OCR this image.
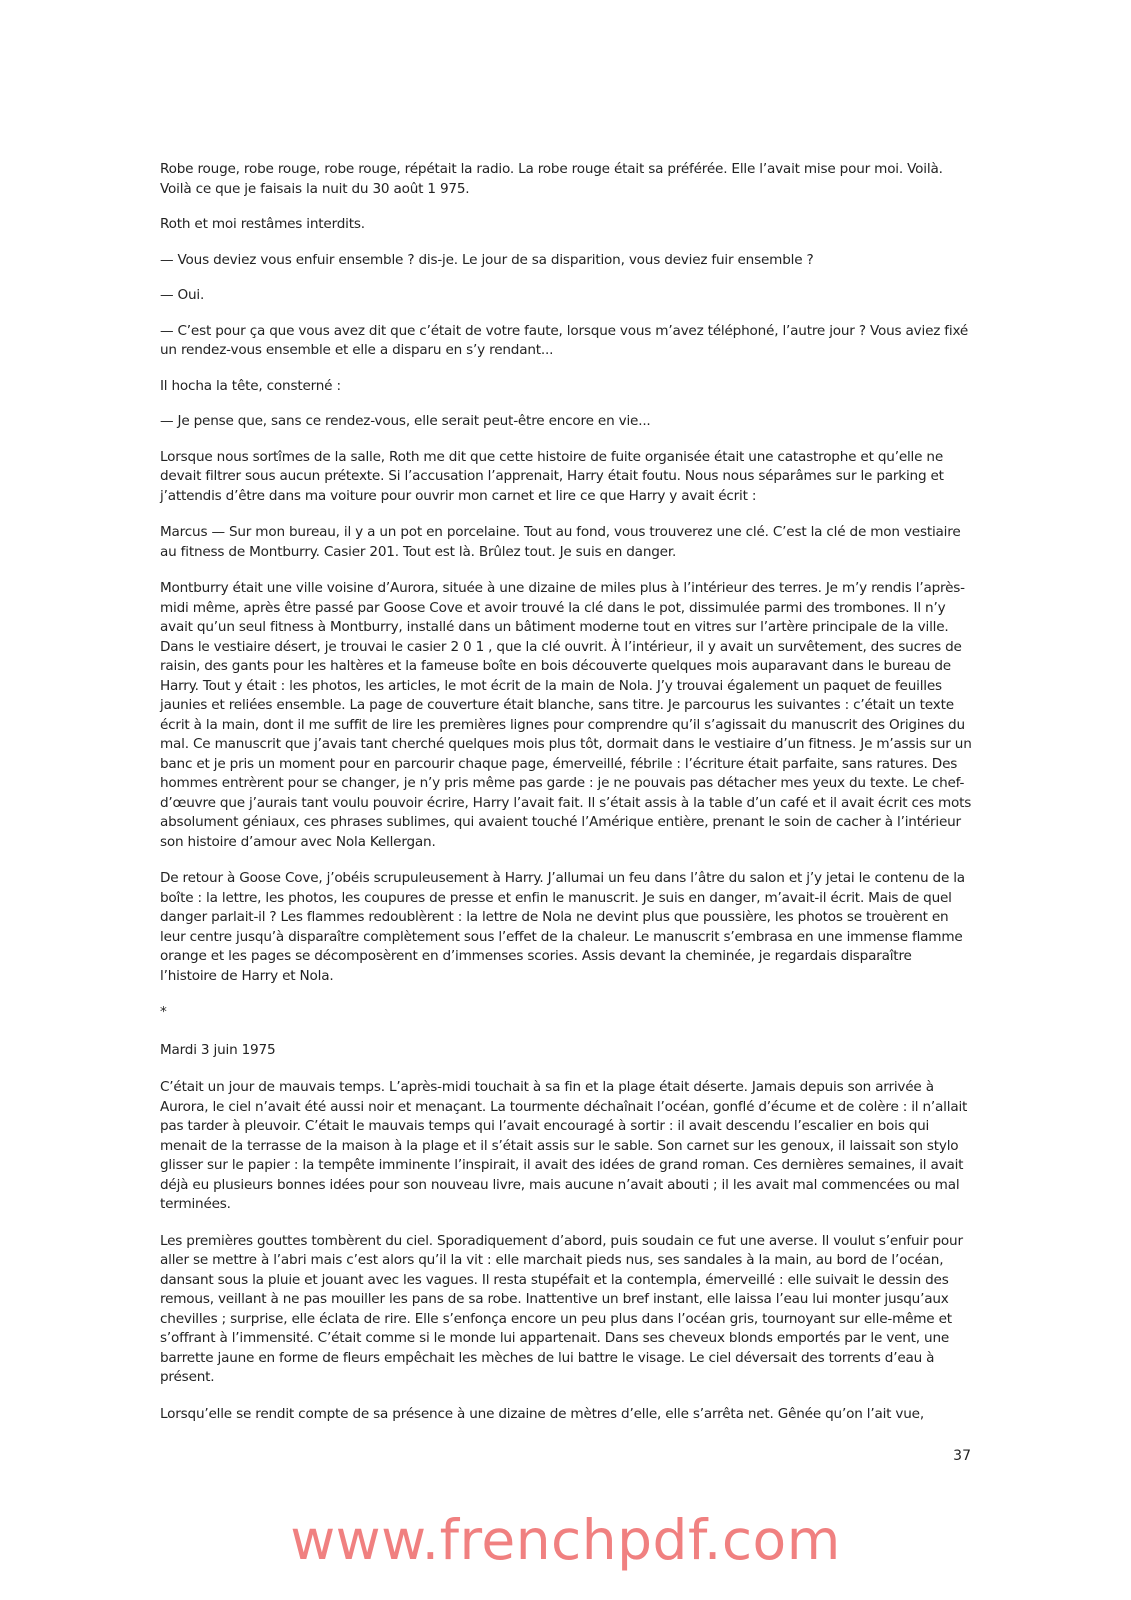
Robe rouge, robe rouge, robe rouge, répétait la radio. La robe rouge était sa préférée. Elle l’avait mise pour moi. Voilà. Voilà ce que je faisais la nuit du 30 août 1 975.

Roth et moi restâmes interdits.

— Vous deviez vous enfuir ensemble ? dis-je. Le jour de sa disparition, vous deviez fuir ensemble ?

— Oui.

— C’est pour ça que vous avez dit que c’était de votre faute, lorsque vous m’avez téléphoné, l’autre jour ? Vous aviez fixé un rendez-vous ensemble et elle a disparu en s’y rendant...

Il hocha la tête, consterné :

— Je pense que, sans ce rendez-vous, elle serait peut-être encore en vie...

Lorsque nous sortîmes de la salle, Roth me dit que cette histoire de fuite organisée était une catastrophe et qu’elle ne devait filtrer sous aucun prétexte. Si l’accusation l’apprenait, Harry était foutu. Nous nous séparâmes sur le parking et j’attendis d’être dans ma voiture pour ouvrir mon carnet et lire ce que Harry y avait écrit :

Marcus — Sur mon bureau, il y a un pot en porcelaine. Tout au fond, vous trouverez une clé. C’est la clé de mon vestiaire au fitness de Montburry. Casier 201. Tout est là. Brûlez tout. Je suis en danger.

Montburry était une ville voisine d’Aurora, située à une dizaine de miles plus à l’intérieur des terres. Je m’y rendis l’après-midi même, après être passé par Goose Cove et avoir trouvé la clé dans le pot, dissimulée parmi des trombones. Il n’y avait qu’un seul fitness à Montburry, installé dans un bâtiment moderne tout en vitres sur l’artère principale de la ville. Dans le vestiaire désert, je trouvai le casier 2 0 1 , que la clé ouvrit. À l’intérieur, il y avait un survêtement, des sucres de raisin, des gants pour les haltères et la fameuse boîte en bois découverte quelques mois auparavant dans le bureau de Harry. Tout y était : les photos, les articles, le mot écrit de la main de Nola. J’y trouvai également un paquet de feuilles jaunies et reliées ensemble. La page de couverture était blanche, sans titre. Je parcourus les suivantes : c’était un texte écrit à la main, dont il me suffit de lire les premières lignes pour comprendre qu’il s’agissait du manuscrit des Origines du mal. Ce manuscrit que j’avais tant cherché quelques mois plus tôt, dormait dans le vestiaire d’un fitness. Je m’assis sur un banc et je pris un moment pour en parcourir chaque page, émerveillé, fébrile : l’écriture était parfaite, sans ratures. Des hommes entrèrent pour se changer, je n’y pris même pas garde : je ne pouvais pas détacher mes yeux du texte. Le chef-d’œuvre que j’aurais tant voulu pouvoir écrire, Harry l’avait fait. Il s’était assis à la table d’un café et il avait écrit ces mots absolument géniaux, ces phrases sublimes, qui avaient touché l’Amérique entière, prenant le soin de cacher à l’intérieur son histoire d’amour avec Nola Kellergan.

De retour à Goose Cove, j’obéis scrupuleusement à Harry. J’allumai un feu dans l’âtre du salon et j’y jetai le contenu de la boîte : la lettre, les photos, les coupures de presse et enfin le manuscrit. Je suis en danger, m’avait-il écrit. Mais de quel danger parlait-il ? Les flammes redoublèrent : la lettre de Nola ne devint plus que poussière, les photos se trouèrent en leur centre jusqu’à disparaître complètement sous l’effet de la chaleur. Le manuscrit s’embrasa en une immense flamme orange et les pages se décomposèrent en d’immenses scories. Assis devant la cheminée, je regardais disparaître l’histoire de Harry et Nola.

*

Mardi 3 juin 1975

C’était un jour de mauvais temps. L’après-midi touchait à sa fin et la plage était déserte. Jamais depuis son arrivée à Aurora, le ciel n’avait été aussi noir et menaçant. La tourmente déchaînait l’océan, gonflé d’écume et de colère : il n’allait pas tarder à pleuvoir. C’était le mauvais temps qui l’avait encouragé à sortir : il avait descendu l’escalier en bois qui menait de la terrasse de la maison à la plage et il s’était assis sur le sable. Son carnet sur les genoux, il laissait son stylo glisser sur le papier : la tempête imminente l’inspirait, il avait des idées de grand roman. Ces dernières semaines, il avait déjà eu plusieurs bonnes idées pour son nouveau livre, mais aucune n’avait abouti ; il les avait mal commencées ou mal terminées.

Les premières gouttes tombèrent du ciel. Sporadiquement d’abord, puis soudain ce fut une averse. Il voulut s’enfuir pour aller se mettre à l’abri mais c’est alors qu’il la vit : elle marchait pieds nus, ses sandales à la main, au bord de l’océan, dansant sous la pluie et jouant avec les vagues. Il resta stupéfait et la contempla, émerveillé : elle suivait le dessin des remous, veillant à ne pas mouiller les pans de sa robe. Inattentive un bref instant, elle laissa l’eau lui monter jusqu’aux chevilles ; surprise, elle éclata de rire. Elle s’enfonça encore un peu plus dans l’océan gris, tournoyant sur elle-même et s’offrant à l’immensité. C’était comme si le monde lui appartenait. Dans ses cheveux blonds emportés par le vent, une barrette jaune en forme de fleurs empêchait les mèches de lui battre le visage. Le ciel déversait des torrents d’eau à présent.

Lorsqu’elle se rendit compte de sa présence à une dizaine de mètres d’elle, elle s’arrêta net. Gênée qu’on l’ait vue,

37
www.frenchpdf.com
